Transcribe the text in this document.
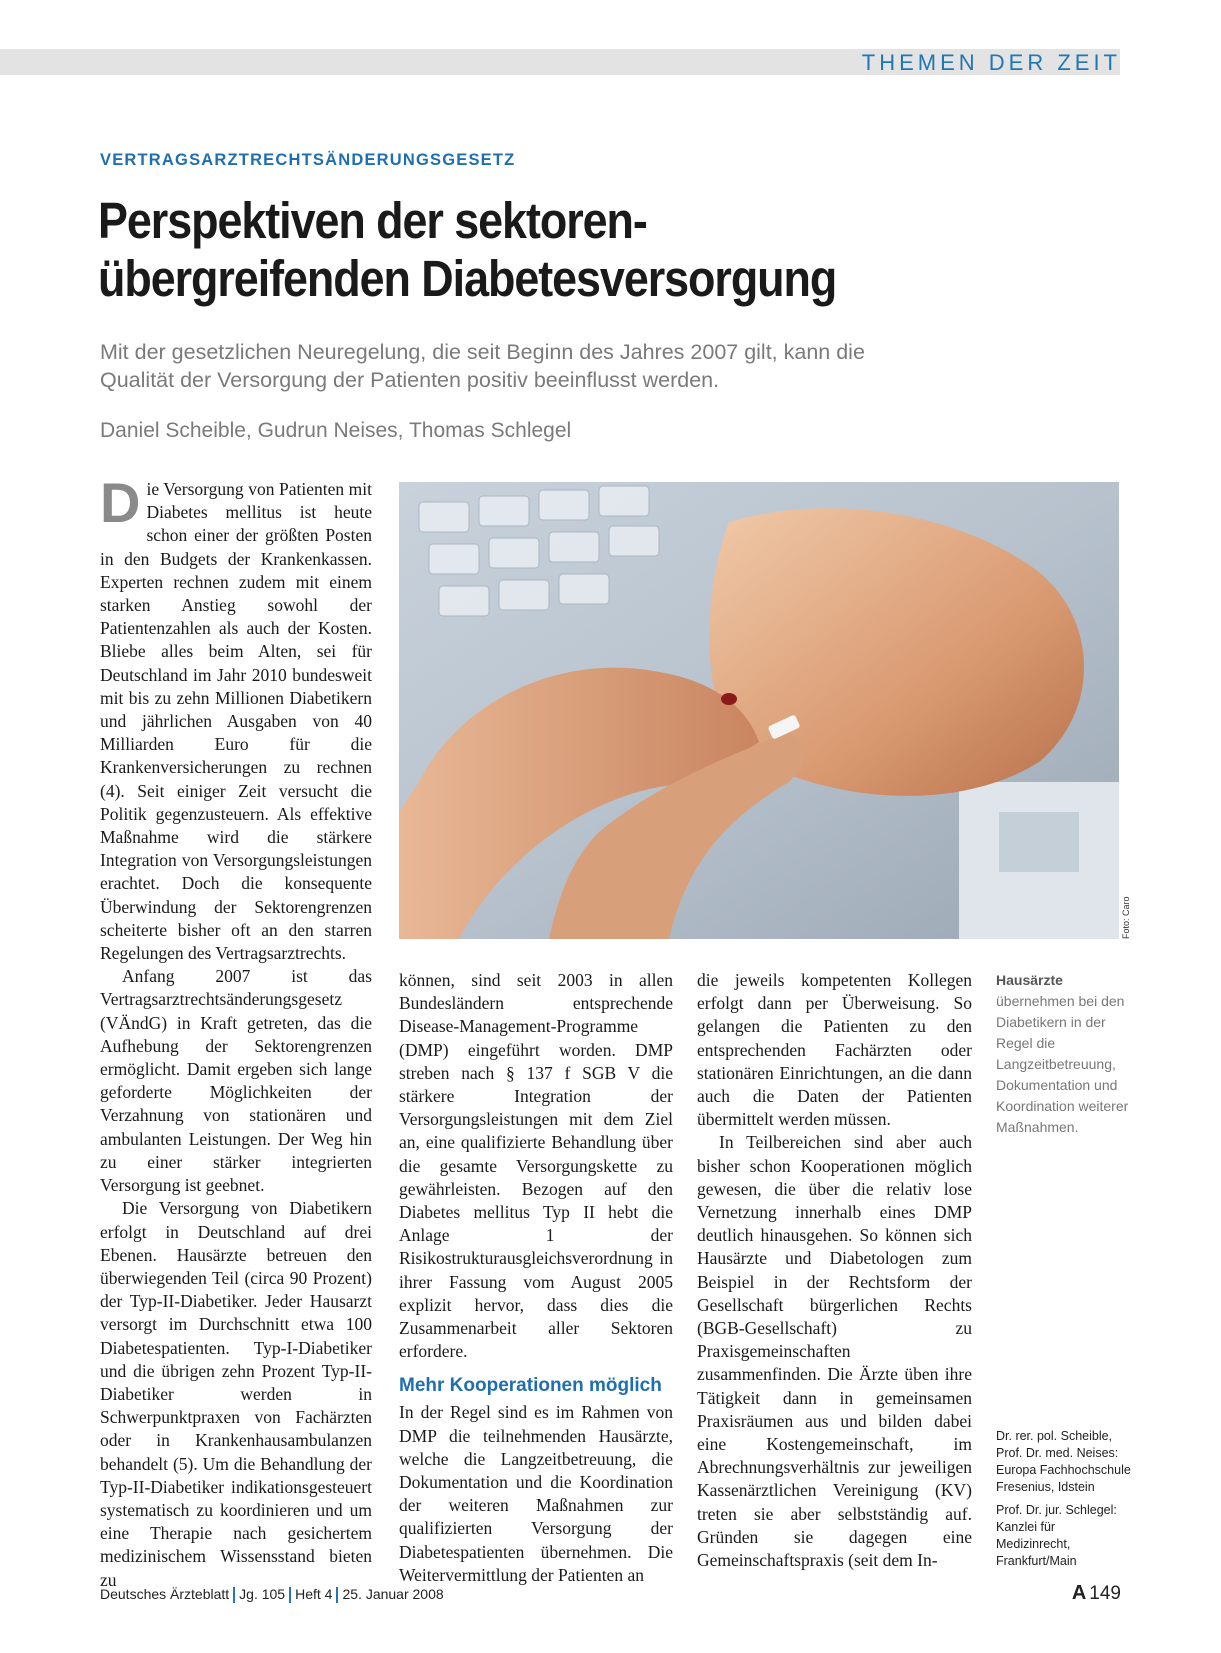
THEMEN DER ZEIT
VERTRAGSARZTRECHTSÄNDERUNGSGESETZ
Perspektiven der sektoren-
übergreifenden Diabetesversorgung

Mit der gesetzlichen Neuregelung, die seit Beginn des Jahres 2007 gilt, kann die Qualität der Versorgung der Patienten positiv beeinflusst werden.

Daniel Scheible, Gudrun Neises, Thomas Schlegel

Die Versorgung von Patienten mit Diabetes mellitus ist heute schon einer der größten Posten in den Budgets der Krankenkassen. Experten rechnen zudem mit einem starken Anstieg sowohl der Patientenzahlen als auch der Kosten. Bliebe alles beim Alten, sei für Deutschland im Jahr 2010 bundesweit mit bis zu zehn Millionen Diabetikern und jährlichen Ausgaben von 40 Milliarden Euro für die Krankenversicherungen zu rechnen (4). Seit einiger Zeit versucht die Politik gegenzusteuern. Als effektive Maßnahme wird die stärkere Integration von Versorgungsleistungen erachtet. Doch die konsequente Überwindung der Sektorengrenzen scheiterte bisher oft an den starren Regelungen des Vertragsarztrechts.

Anfang 2007 ist das Vertragsarztrechtsänderungsgesetz (VÄndG) in Kraft getreten, das die Aufhebung der Sektorengrenzen ermöglicht. Damit ergeben sich lange geforderte Möglichkeiten der Verzahnung von stationären und ambulanten Leistungen. Der Weg hin zu einer stärker integrierten Versorgung ist geebnet.

Die Versorgung von Diabetikern erfolgt in Deutschland auf drei Ebenen. Hausärzte betreuen den überwiegenden Teil (circa 90 Prozent) der Typ-II-Diabetiker. Jeder Hausarzt versorgt im Durchschnitt etwa 100 Diabetespatienten. Typ-I-Diabetiker und die übrigen zehn Prozent Typ-II-Diabetiker werden in Schwerpunktpraxen von Fachärzten oder in Krankenhausambulanzen behandelt (5). Um die Behandlung der Typ-II-Diabetiker indikationsgesteuert systematisch zu koordinieren und um eine Therapie nach gesichertem medizinischem Wissensstand bieten zu

Foto: Caro

können, sind seit 2003 in allen Bundesländern entsprechende Disease-Management-Programme (DMP) eingeführt worden. DMP streben nach § 137 f SGB V die stärkere Integration der Versorgungsleistungen mit dem Ziel an, eine qualifizierte Behandlung über die gesamte Versorgungskette zu gewährleisten. Bezogen auf den Diabetes mellitus Typ II hebt die Anlage 1 der Risikostrukturausgleichsverordnung in ihrer Fassung vom August 2005 explizit hervor, dass dies die Zusammenarbeit aller Sektoren erfordere.

Mehr Kooperationen möglich

In der Regel sind es im Rahmen von DMP die teilnehmenden Hausärzte, welche die Langzeitbetreuung, die Dokumentation und die Koordination der weiteren Maßnahmen zur qualifizierten Versorgung der Diabetespatienten übernehmen. Die Weitervermittlung der Patienten an

die jeweils kompetenten Kollegen erfolgt dann per Überweisung. So gelangen die Patienten zu den entsprechenden Fachärzten oder stationären Einrichtungen, an die dann auch die Daten der Patienten übermittelt werden müssen.

In Teilbereichen sind aber auch bisher schon Kooperationen möglich gewesen, die über die relativ lose Vernetzung innerhalb eines DMP deutlich hinausgehen. So können sich Hausärzte und Diabetologen zum Beispiel in der Rechtsform der Gesellschaft bürgerlichen Rechts (BGB-Gesellschaft) zu Praxisgemeinschaften zusammenfinden. Die Ärzte üben ihre Tätigkeit dann in gemeinsamen Praxisräumen aus und bilden dabei eine Kostengemeinschaft, im Abrechnungsverhältnis zur jeweiligen Kassenärztlichen Vereinigung (KV) treten sie aber selbstständig auf. Gründen sie dagegen eine Gemeinschaftspraxis (seit dem In-

Hausärzte
übernehmen bei den Diabetikern in der Regel die Langzeitbetreuung, Dokumentation und Koordination weiterer Maßnahmen.
Dr. rer. pol. Scheible, Prof. Dr. med. Neises: Europa Fachhochschule Fresenius, Idstein
Prof. Dr. jur. Schlegel: Kanzlei für Medizinrecht, Frankfurt/Main
Deutsches Ärzteblatt Jg. 105 Heft 4 25. Januar 2008	A 149
